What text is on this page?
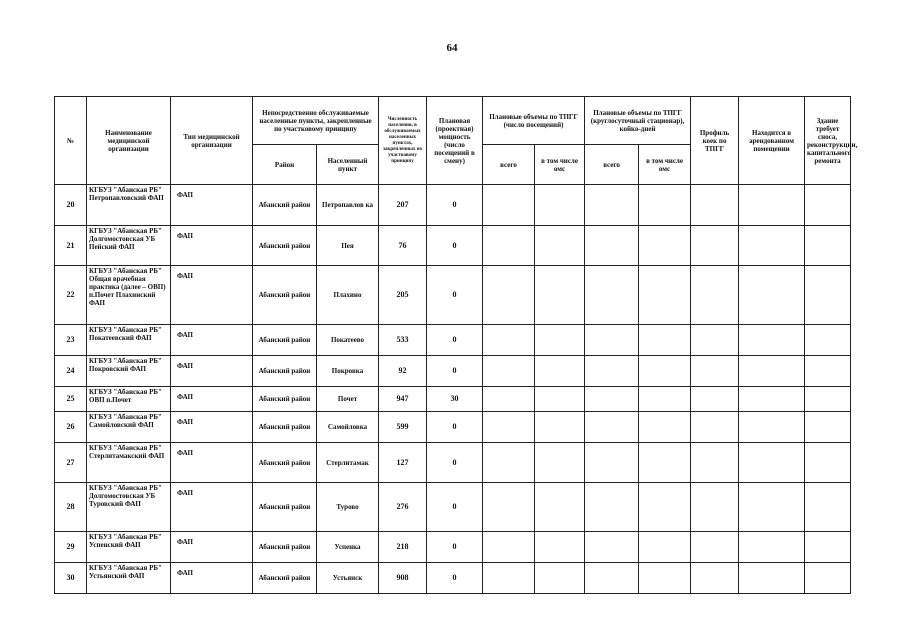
64
№	Наименование медицинской организации	Тип медицинской организации	Непосредственно обслуживаемые населенные пункты, закрепленные по участковому принципу		Численность населения, в обслуживаемых населенных пунктах, закрепленных по участковому принципу	Плановая (проектная) мощность (число посещений в смену)	Плановые объемы по ТПГГ (число посещений)		Плановые объемы по ТПГГ (круглосуточный стационар), койко-дней		Профиль коек по ТПГГ	Находится в арендованном помещении	Здание требует сноса, реконструкции, капитального ремонта
			Район	Населенный пункт			всего	в том числе омс	всего	в том числе омс			
20	КГБУЗ "Абанская РБ" Петропавловский ФАП	ФАП	Абанский район	Петропавлов ка	207	0							
21	КГБУЗ "Абанская РБ" Долгомостовская УБ Пейский ФАП	ФАП	Абанский район	Пея	76	0							
22	КГБУЗ "Абанская РБ" Общая врачебная практика (далее – ОВП) п.Почет Плахинский ФАП	ФАП	Абанский район	Плахино	205	0							
23	КГБУЗ "Абанская РБ" Покатеевский ФАП	ФАП	Абанский район	Покатеево	533	0							
24	КГБУЗ "Абанская РБ" Покровский ФАП	ФАП	Абанский район	Покровка	92	0							
25	КГБУЗ "Абанская РБ" ОВП п.Почет	ФАП	Абанский район	Почет	947	30							
26	КГБУЗ "Абанская РБ" Самойловский ФАП	ФАП	Абанский район	Самойловка	599	0							
27	КГБУЗ "Абанская РБ" Стерлитамакский ФАП	ФАП	Абанский район	Стерлитамак	127	0							
28	КГБУЗ "Абанская РБ" Долгомостовская УБ Туровский ФАП	ФАП	Абанский район	Турово	276	0							
29	КГБУЗ "Абанская РБ" Успенский ФАП	ФАП	Абанский район	Успенка	218	0							
30	КГБУЗ "Абанская РБ" Устьянский ФАП	ФАП	Абанский район	Устьянск	908	0							
